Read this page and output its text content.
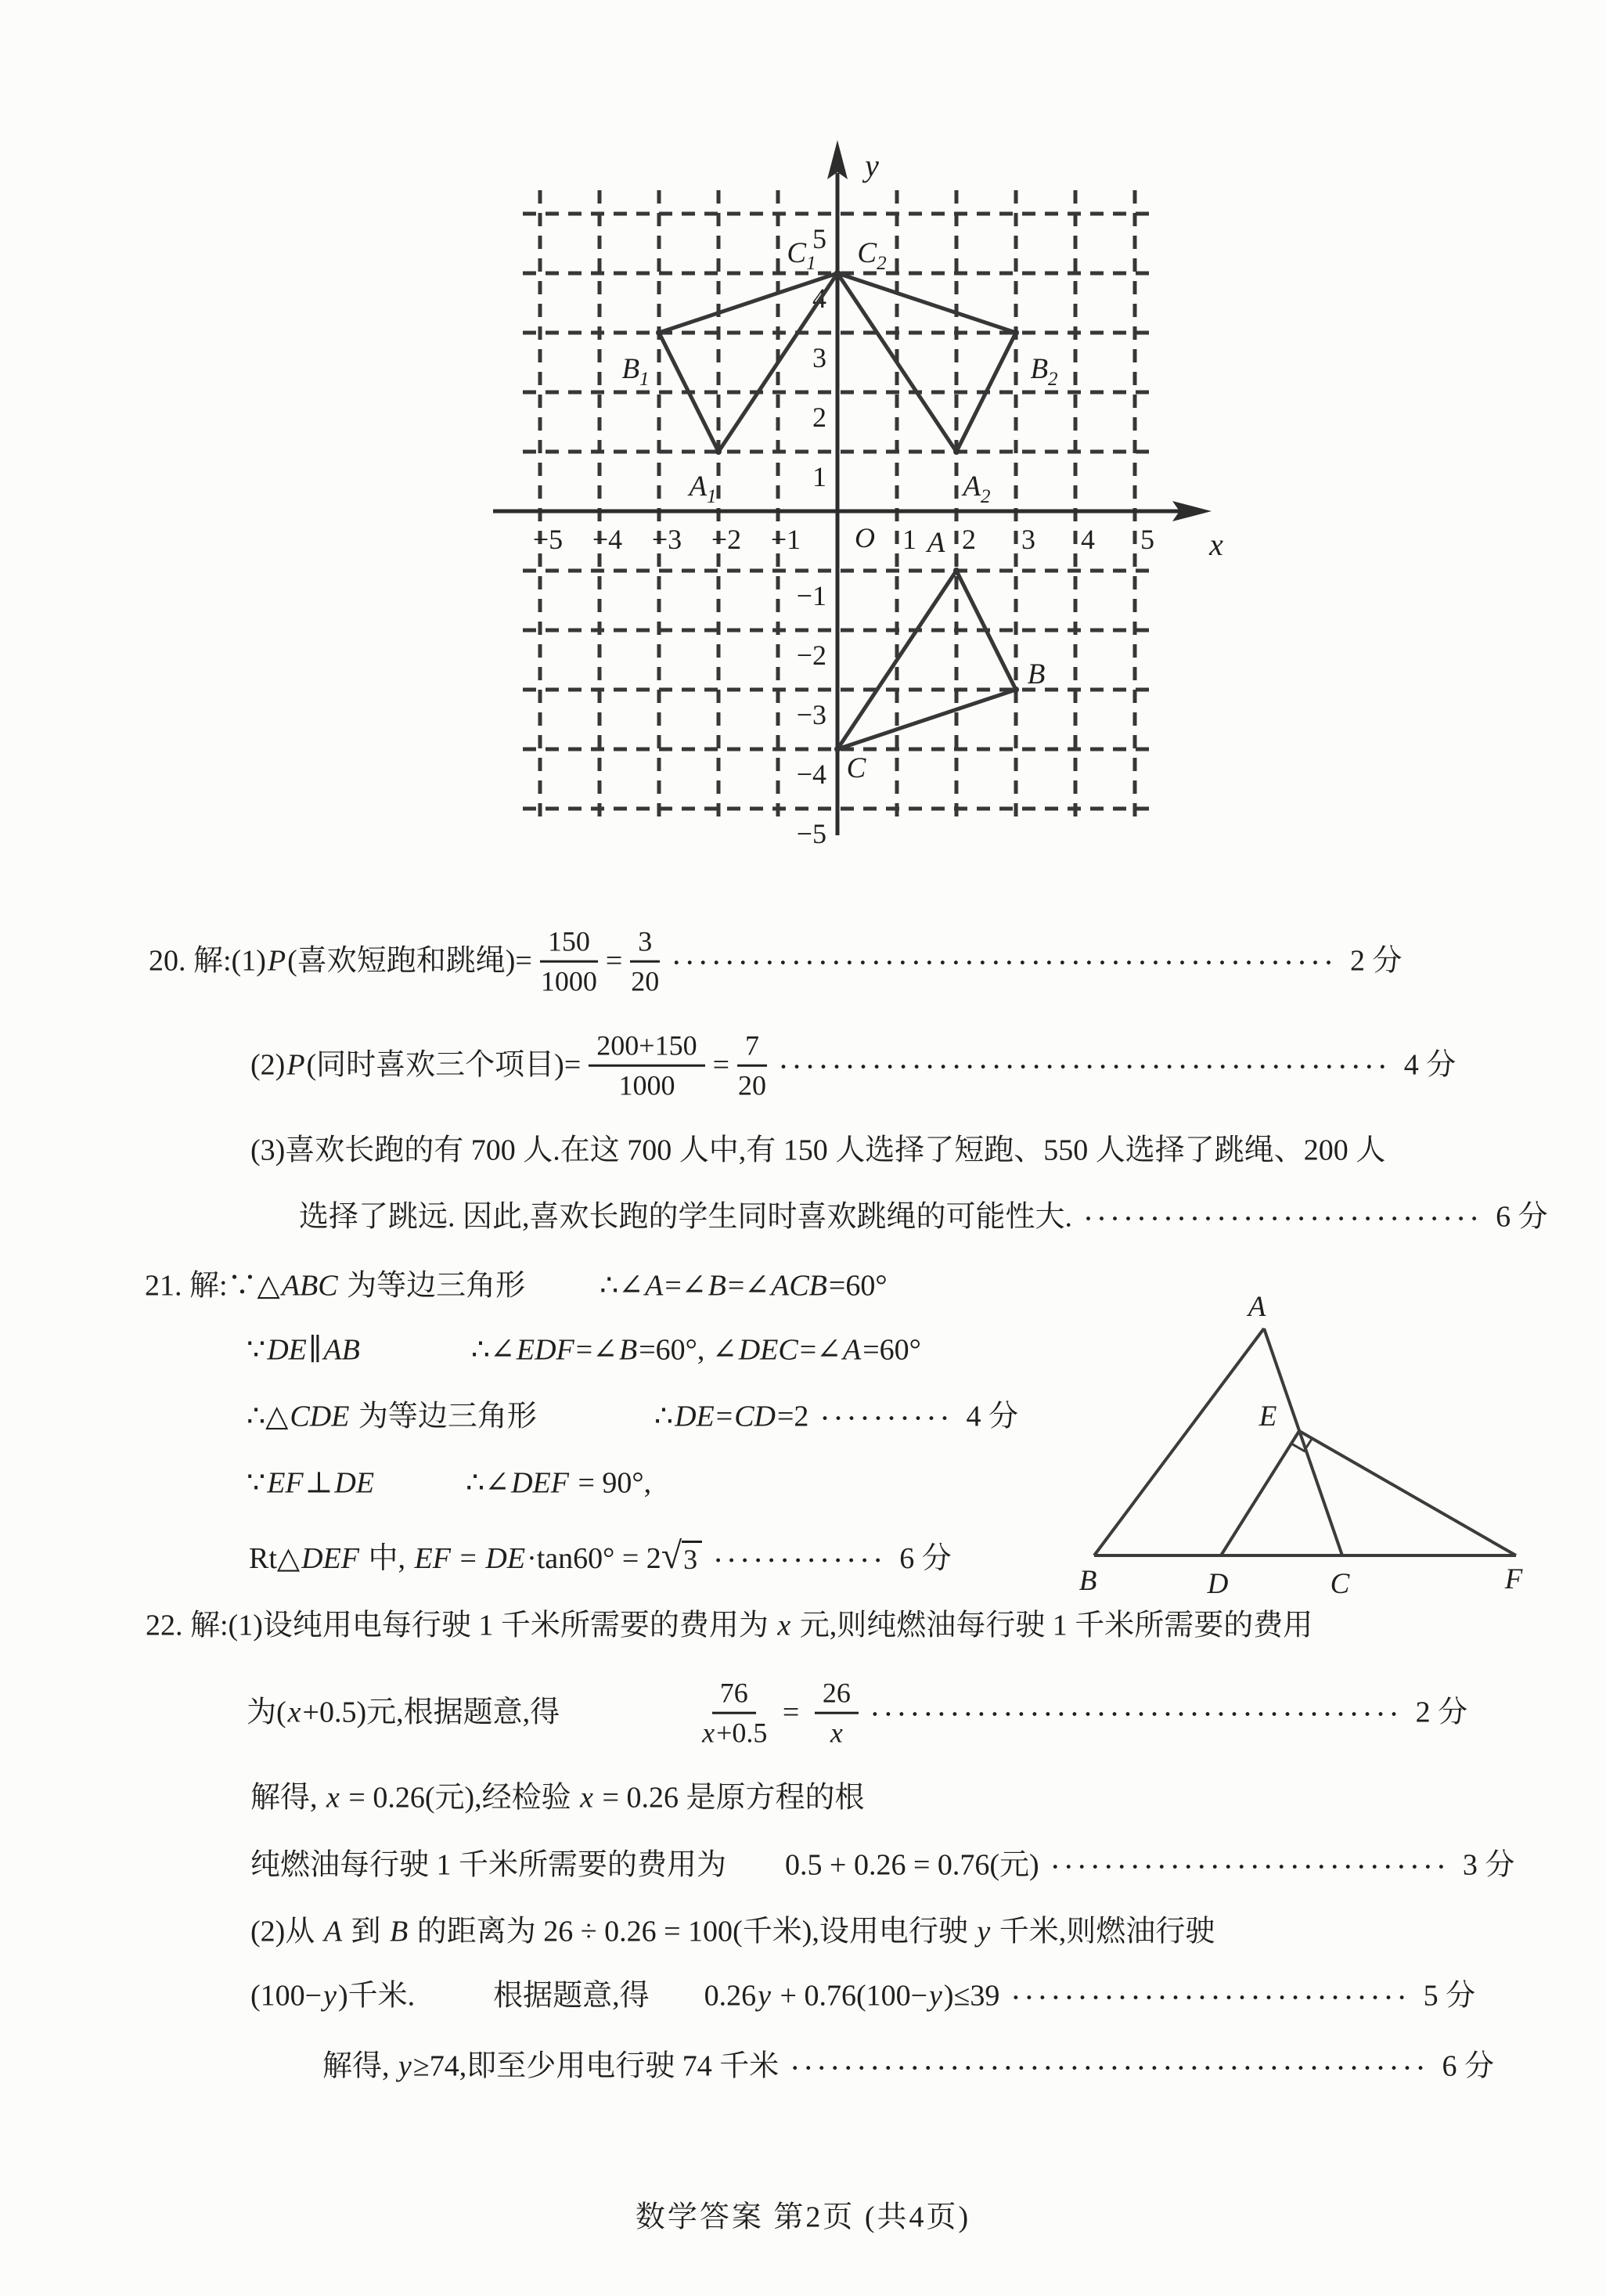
−5 −4 −3 −2 −1	1 2 3 4 5
−5
−4
−3
−2
−1
1
2
3
4
5
O	x
y
A
B
C
$A_1$
$B_1$
$C_1$
$A_2$
$B_2$
$C_2$
A
B	D	C	F
E
数学答案 第2页 (共4页)
20. 解:(1) P (喜欢短跑和跳绳)= $\frac{150}{1000} = \frac{3}{20}$ ·················································· 2 分
(2) P (同时喜欢三个项目)= $\frac{200+150}{1000} = \frac{7}{20}$ ·············································· 4 分
(3)喜欢长跑的有 700 人.在这 700 人中,有 150 人选择了短跑、550 人选择了跳绳、200 人
选择了跳远. 因此,喜欢长跑的学生同时喜欢跳绳的可能性大. ······························ 6 分
21. 解:∵△ ABC 为等边三角形	∴∠ A =∠ B =∠ ACB =60°
∵ DE ∥ AB	∴∠ EDF =∠ B =60°, ∠ DEC =∠ A =60°
∴△ CDE 为等边三角形	∴ DE = CD =2 ·········· 4 分
∵ EF ⊥ DE	∴∠ DEF = 90°,
Rt△ DEF 中, EF = DE ·tan60° = 2 √ 3
············· 6 分
22. 解:(1)设纯用电每行驶 1 千米所需要的费用为 x 元,则纯燃油每行驶 1 千米所需要的费用
为( x +0.5)元,根据题意,得	$\frac{76}{x +0.5} = \frac{26}{x}$ ········································ 2 分
解得, x = 0.26(元),经检验 x = 0.26 是原方程的根
纯燃油每行驶 1 千米所需要的费用为 0.5 + 0.26 = 0.76(元) ······························ 3 分
(2)从 A 到 B 的距离为 26 ÷ 0.26 = 100(千米),设用电行驶 y 千米,则燃油行驶
(100− y )千米.	根据题意,得 0.26 y + 0.76(100− y )≤39 ······························ 5 分
解得, y ≥74,即至少用电行驶 74 千米 ················································ 6 分
